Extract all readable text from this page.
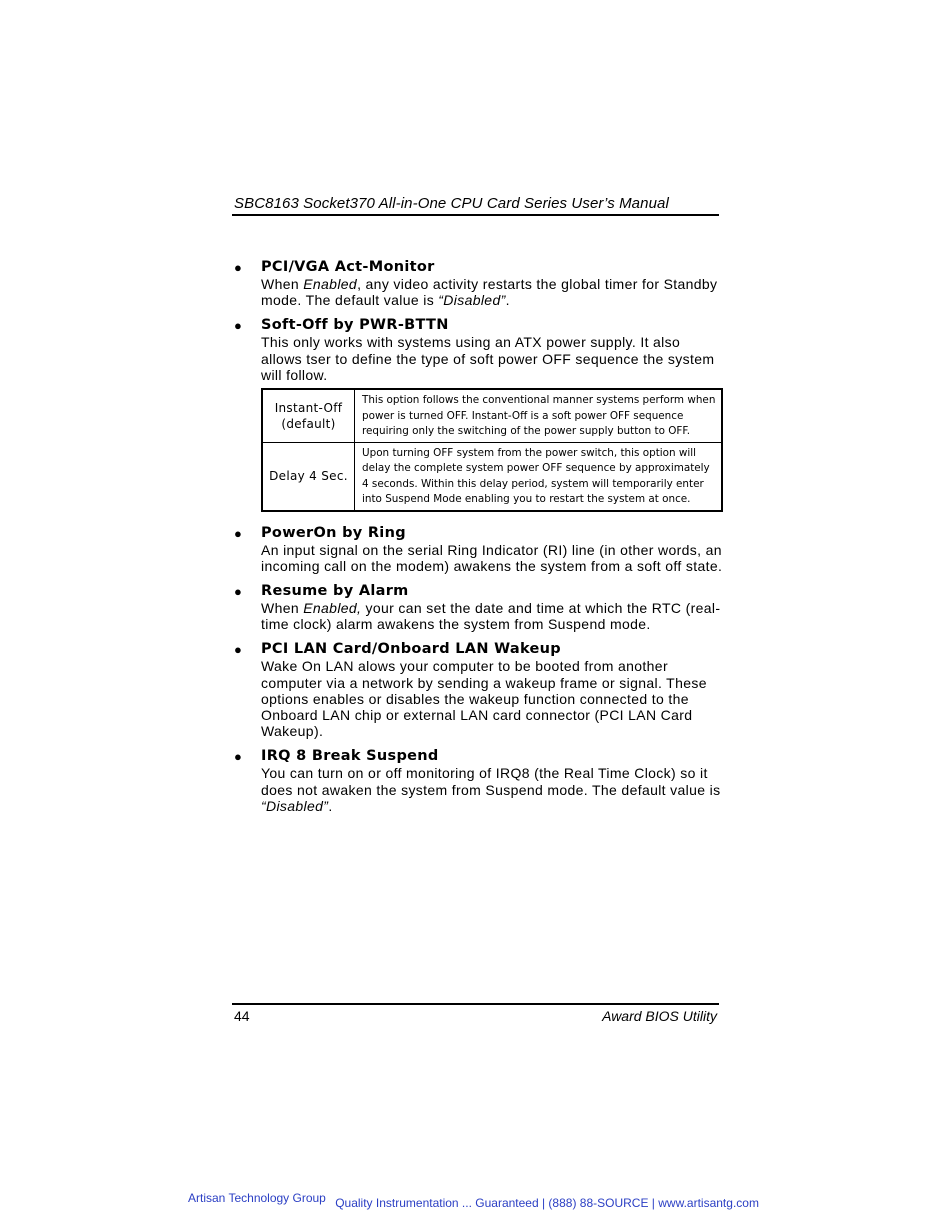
SBC8163 Socket370 All-in-One CPU Card Series User’s Manual
● PCI/VGA Act-Monitor
When Enabled, any video activity restarts the global timer for Standby mode. The default value is “Disabled”.
● Soft-Off by PWR-BTTN
This only works with systems using an ATX power supply. It also allows tser to define the type of soft power OFF sequence the system will follow.
Instant-Off
(default)	This option follows the conventional manner systems perform when power is turned OFF. Instant-Off is a soft power OFF sequence requiring only the switching of the power supply button to OFF.
Delay 4 Sec.	Upon turning OFF system from the power switch, this option will delay the complete system power OFF sequence by approximately 4 seconds. Within this delay period, system will temporarily enter into Suspend Mode enabling you to restart the system at once.
● PowerOn by Ring
An input signal on the serial Ring Indicator (RI) line (in other words, an incoming call on the modem) awakens the system from a soft off state.
● Resume by Alarm
When Enabled, your can set the date and time at which the RTC (real-time clock) alarm awakens the system from Suspend mode.
● PCI LAN Card/Onboard LAN Wakeup
Wake On LAN alows your computer to be booted from another computer via a network by sending a wakeup frame or signal. These options enables or disables the wakeup function connected to the Onboard LAN chip or external LAN card connector (PCI LAN Card Wakeup).
● IRQ 8 Break Suspend
You can turn on or off monitoring of IRQ8 (the Real Time Clock) so it does not awaken the system from Suspend mode. The default value is “Disabled”.
44	Award BIOS Utility
Artisan Technology Group Quality Instrumentation ... Guaranteed | (888) 88-SOURCE | www.artisantg.com
